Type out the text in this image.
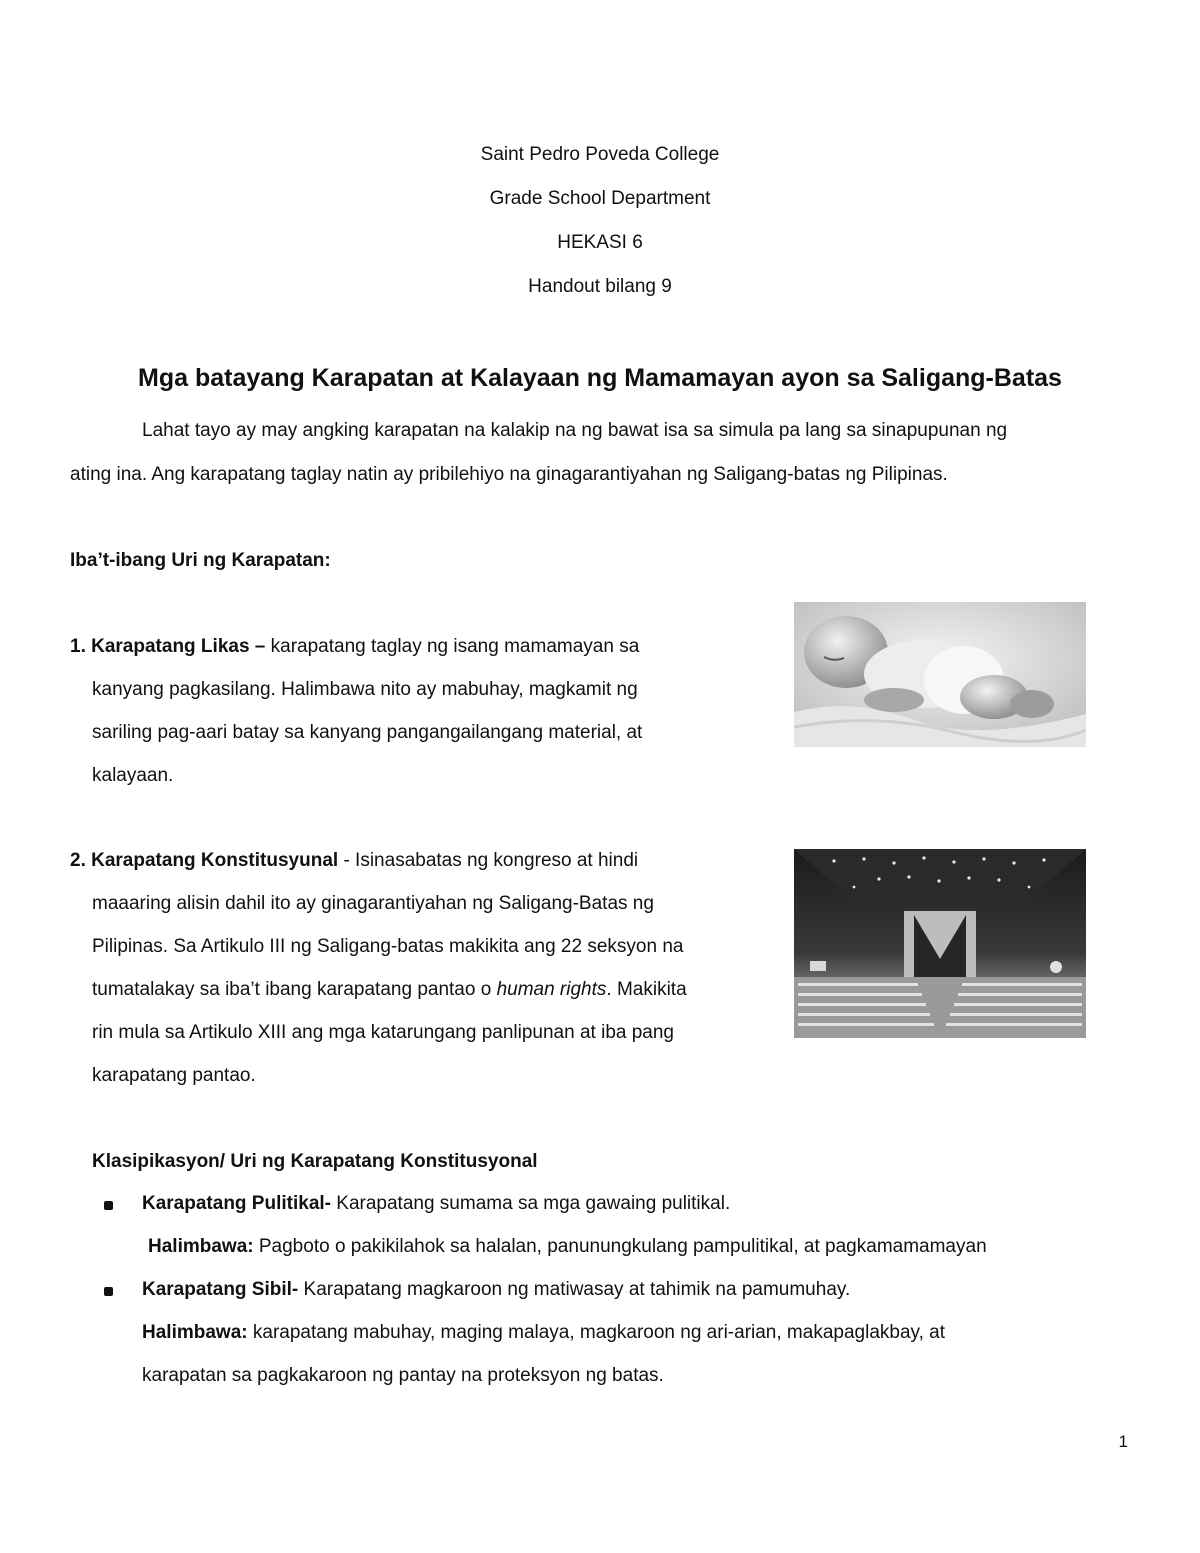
Saint Pedro Poveda College
Grade School Department
HEKASI 6
Handout bilang 9
Mga batayang Karapatan at Kalayaan ng Mamamayan ayon sa Saligang-Batas
Lahat tayo ay may angking karapatan na kalakip na ng bawat isa sa simula pa lang sa sinapupunan ng
ating ina. Ang karapatang taglay natin ay pribilehiyo na ginagarantiyahan ng Saligang-batas ng Pilipinas.
Iba’t-ibang Uri ng Karapatan:
1. Karapatang Likas – karapatang taglay ng isang mamamayan sa
kanyang pagkasilang. Halimbawa nito ay mabuhay, magkamit ng
sariling pag-aari batay sa kanyang pangangailangang material, at
kalayaan.
2. Karapatang Konstitusyunal - Isinasabatas ng kongreso at hindi
maaaring alisin dahil ito ay ginagarantiyahan ng Saligang-Batas ng
Pilipinas. Sa Artikulo III ng Saligang-batas makikita ang 22 seksyon na
tumatalakay sa iba’t ibang karapatang pantao o human rights. Makikita
rin mula sa Artikulo XIII ang mga katarungang panlipunan at iba pang
karapatang pantao.
Klasipikasyon/ Uri ng Karapatang Konstitusyonal
Karapatang Pulitikal- Karapatang sumama sa mga gawaing pulitikal.
Halimbawa: Pagboto o pakikilahok sa halalan, panunungkulang pampulitikal, at pagkamamamayan
Karapatang Sibil- Karapatang magkaroon ng matiwasay at tahimik na pamumuhay.
Halimbawa: karapatang mabuhay, maging malaya, magkaroon ng ari-arian, makapaglakbay, at
karapatan sa pagkakaroon ng pantay na proteksyon ng batas.
1
